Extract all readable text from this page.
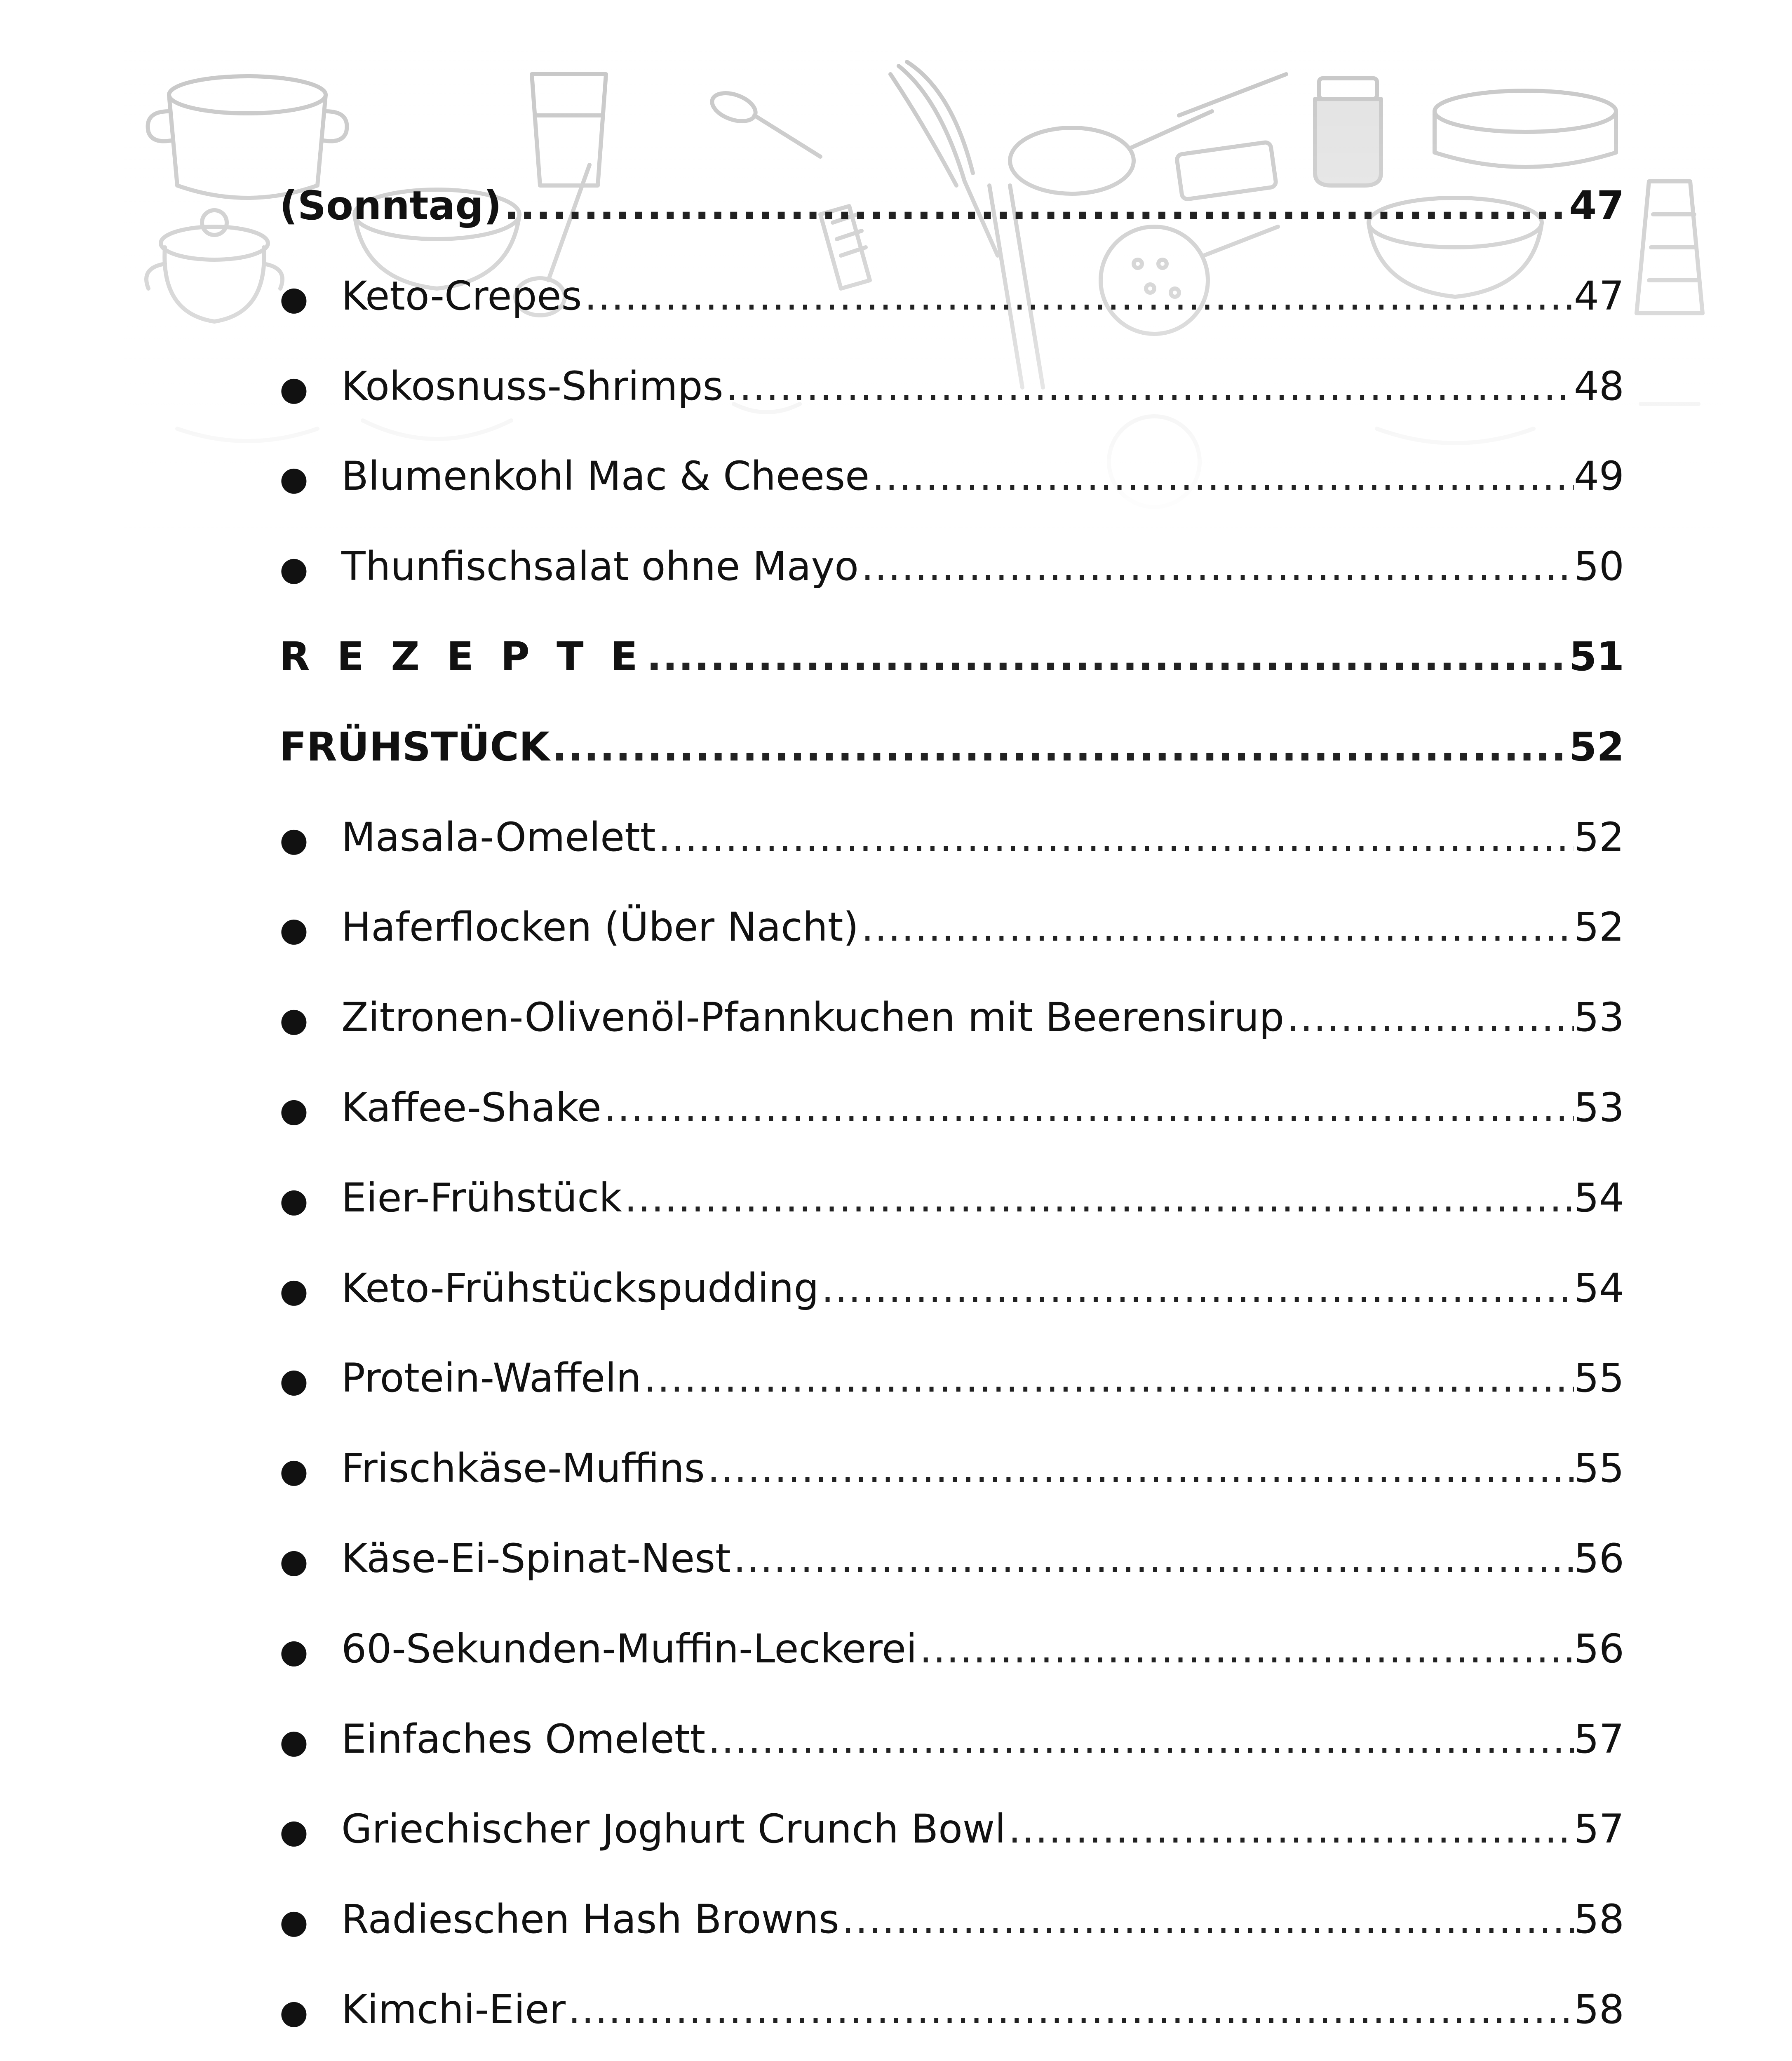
(Sonntag) .....	47
● Keto-Crepes .....	47
● Kokosnuss-Shrimps .....	48
● Blumenkohl Mac & Cheese .....	49
● Thunfischsalat ohne Mayo .....	50
R E Z E P T E .....	51
FRÜHSTÜCK .....	52
● Masala-Omelett .....	52
● Haferflocken (Über Nacht) .....	52
● Zitronen-Olivenöl-Pfannkuchen mit Beerensirup .....	53
● Kaffee-Shake .....	53
● Eier-Frühstück .....	54
● Keto-Frühstückspudding .....	54
● Protein-Waffeln .....	55
● Frischkäse-Muffins .....	55
● Käse-Ei-Spinat-Nest .....	56
● 60-Sekunden-Muffin-Leckerei .....	56
● Einfaches Omelett .....	57
● Griechischer Joghurt Crunch Bowl .....	57
● Radieschen Hash Browns .....	58
● Kimchi-Eier .....	58
.....
